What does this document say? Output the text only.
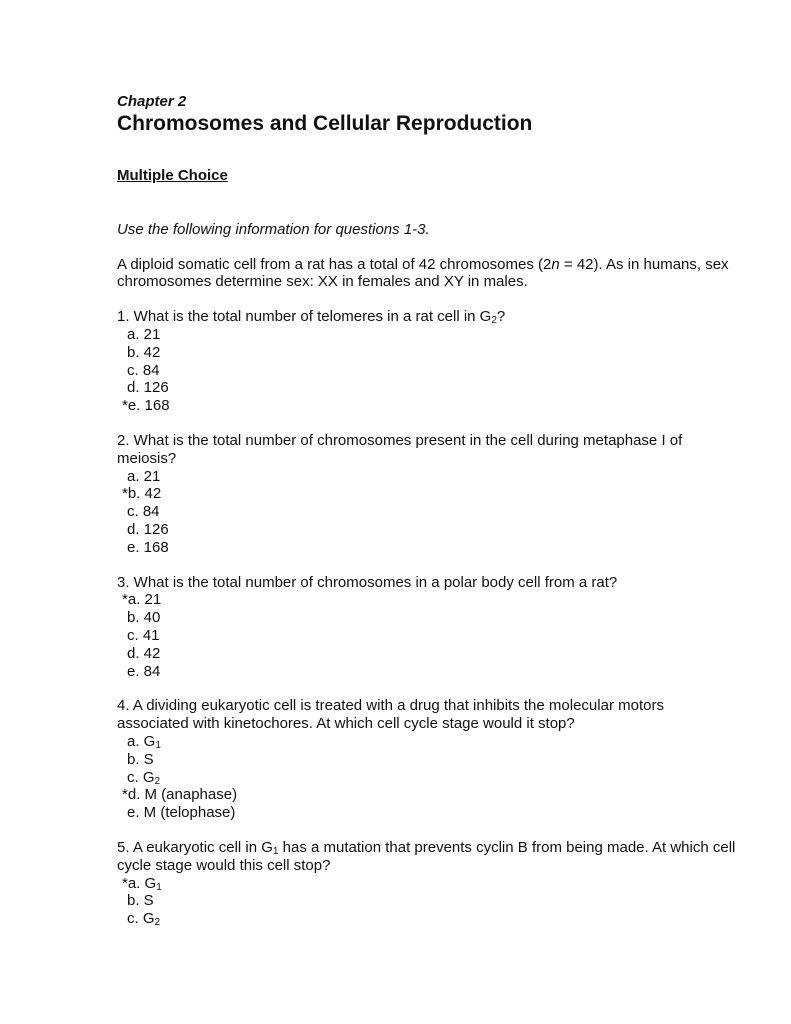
Chapter 2
Chromosomes and Cellular Reproduction
Multiple Choice
Use the following information for questions 1-3.
A diploid somatic cell from a rat has a total of 42 chromosomes (2n = 42). As in humans, sex chromosomes determine sex: XX in females and XY in males.
1. What is the total number of telomeres in a rat cell in $G_2$?
a. 21
b. 42
c. 84
d. 126
*e. 168
2. What is the total number of chromosomes present in the cell during metaphase I of meiosis?
a. 21
*b. 42
c. 84
d. 126
e. 168
3. What is the total number of chromosomes in a polar body cell from a rat?
*a. 21
b. 40
c. 41
d. 42
e. 84
4. A dividing eukaryotic cell is treated with a drug that inhibits the molecular motors associated with kinetochores. At which cell cycle stage would it stop?
a. $G_1$
b. S
c. $G_2$
*d. M (anaphase)
e. M (telophase)
5. A eukaryotic cell in $G_1$ has a mutation that prevents cyclin B from being made. At which cell cycle stage would this cell stop?
*a. $G_1$
b. S
c. $G_2$
